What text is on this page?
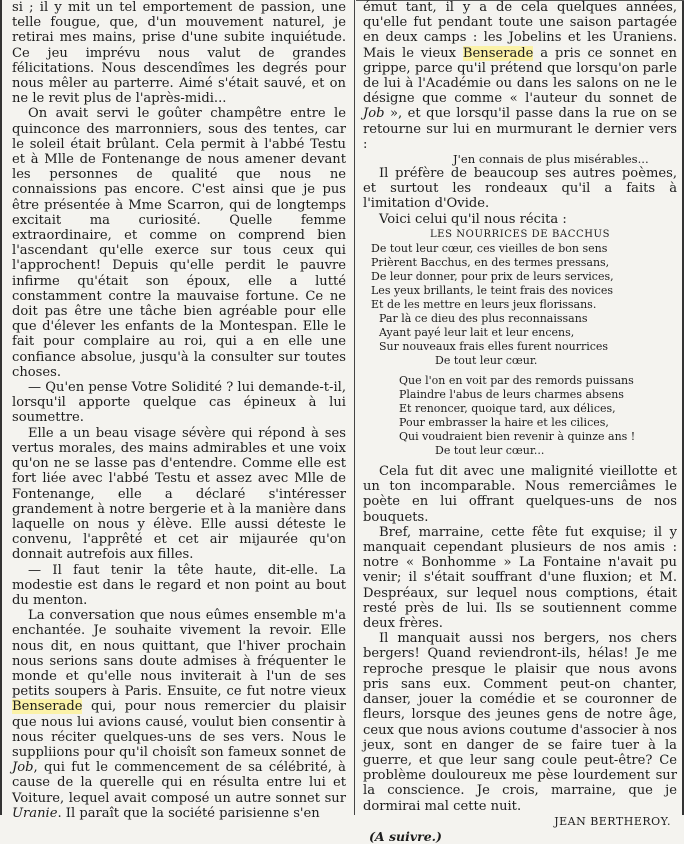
si ; il y mit un tel emportement de passion, une telle fougue, que, d'un mouvement naturel, je retirai mes mains, prise d'une subite inquiétude. Ce jeu imprévu nous valut de grandes félicitations. Nous descendîmes les degrés pour nous mêler au parterre. Aimé s'était sauvé, et on ne le revit plus de l'après-midi...

On avait servi le goûter champêtre entre le quinconce des marronniers, sous des tentes, car le soleil était brûlant. Cela permit à l'abbé Testu et à Mlle de Fontenange de nous amener devant les personnes de qualité que nous ne connaissions pas encore. C'est ainsi que je pus être présentée à Mme Scarron, qui de longtemps excitait ma curiosité. Quelle femme extraordinaire, et comme on comprend bien l'ascendant qu'elle exerce sur tous ceux qui l'approchent! Depuis qu'elle perdit le pauvre infirme qu'était son époux, elle a lutté constamment contre la mauvaise fortune. Ce ne doit pas être une tâche bien agréable pour elle que d'élever les enfants de la Montespan. Elle le fait pour complaire au roi, qui a en elle une confiance absolue, jusqu'à la consulter sur toutes choses.

— Qu'en pense Votre Solidité ? lui demande-t-il, lorsqu'il apporte quelque cas épineux à lui soumettre.

Elle a un beau visage sévère qui répond à ses vertus morales, des mains admirables et une voix qu'on ne se lasse pas d'entendre. Comme elle est fort liée avec l'abbé Testu et assez avec Mlle de Fontenange, elle a déclaré s'intéresser grandement à notre bergerie et à la manière dans laquelle on nous y élève. Elle aussi déteste le convenu, l'apprêté et cet air mijaurée qu'on donnait autrefois aux filles.

— Il faut tenir la tête haute, dit-elle. La modestie est dans le regard et non point au bout du menton.

La conversation que nous eûmes ensemble m'a enchantée. Je souhaite vivement la revoir. Elle nous dit, en nous quittant, que l'hiver prochain nous serions sans doute admises à fréquenter le monde et qu'elle nous inviterait à l'un de ses petits soupers à Paris. Ensuite, ce fut notre vieux Benserade qui, pour nous remercier du plaisir que nous lui avions causé, voulut bien consentir à nous réciter quelques-uns de ses vers. Nous le suppliions pour qu'il choisît son fameux sonnet de Job, qui fut le commencement de sa célébrité, à cause de la querelle qui en résulta entre lui et Voiture, lequel avait composé un autre sonnet sur Uranie. Il paraît que la société parisienne s'en

émut tant, il y a de cela quelques années, qu'elle fut pendant toute une saison partagée en deux camps : les Jobelins et les Uraniens. Mais le vieux Benserade a pris ce sonnet en grippe, parce qu'il prétend que lorsqu'on parle de lui à l'Académie ou dans les salons on ne le désigne que comme « l'auteur du sonnet de Job », et que lorsqu'il passe dans la rue on se retourne sur lui en murmurant le dernier vers :

J'en connais de plus misérables...

Il préfère de beaucoup ses autres poèmes, et surtout les rondeaux qu'il a faits à l'imitation d'Ovide.

Voici celui qu'il nous récita :

LES NOURRICES DE BACCHUS

De tout leur cœur, ces vieilles de bon sens

Prièrent Bacchus, en des termes pressans,

De leur donner, pour prix de leurs services,

Les yeux brillants, le teint frais des novices

Et de les mettre en leurs jeux florissans.

Par là ce dieu des plus reconnaissans

Ayant payé leur lait et leur encens,

Sur nouveaux frais elles furent nourrices

De tout leur cœur.

Que l'on en voit par des remords puissans

Plaindre l'abus de leurs charmes absens

Et renoncer, quoique tard, aux délices,

Pour embrasser la haire et les cilices,

Qui voudraient bien revenir à quinze ans !

De tout leur cœur...

Cela fut dit avec une malignité vieillotte et un ton incomparable. Nous remerciâmes le poète en lui offrant quelques-uns de nos bouquets.

Bref, marraine, cette fête fut exquise; il y manquait cependant plusieurs de nos amis : notre « Bonhomme » La Fontaine n'avait pu venir; il s'était souffrant d'une fluxion; et M. Despréaux, sur lequel nous comptions, était resté près de lui. Ils se soutiennent comme deux frères.

Il manquait aussi nos bergers, nos chers bergers! Quand reviendront-ils, hélas! Je me reproche presque le plaisir que nous avons pris sans eux. Comment peut-on chanter, danser, jouer la comédie et se couronner de fleurs, lorsque des jeunes gens de notre âge, ceux que nous avions coutume d'associer à nos jeux, sont en danger de se faire tuer à la guerre, et que leur sang coule peut-être? Ce problème douloureux me pèse lourdement sur la conscience. Je crois, marraine, que je dormirai mal cette nuit.

JEAN BERTHEROY.

(A suivre.)
